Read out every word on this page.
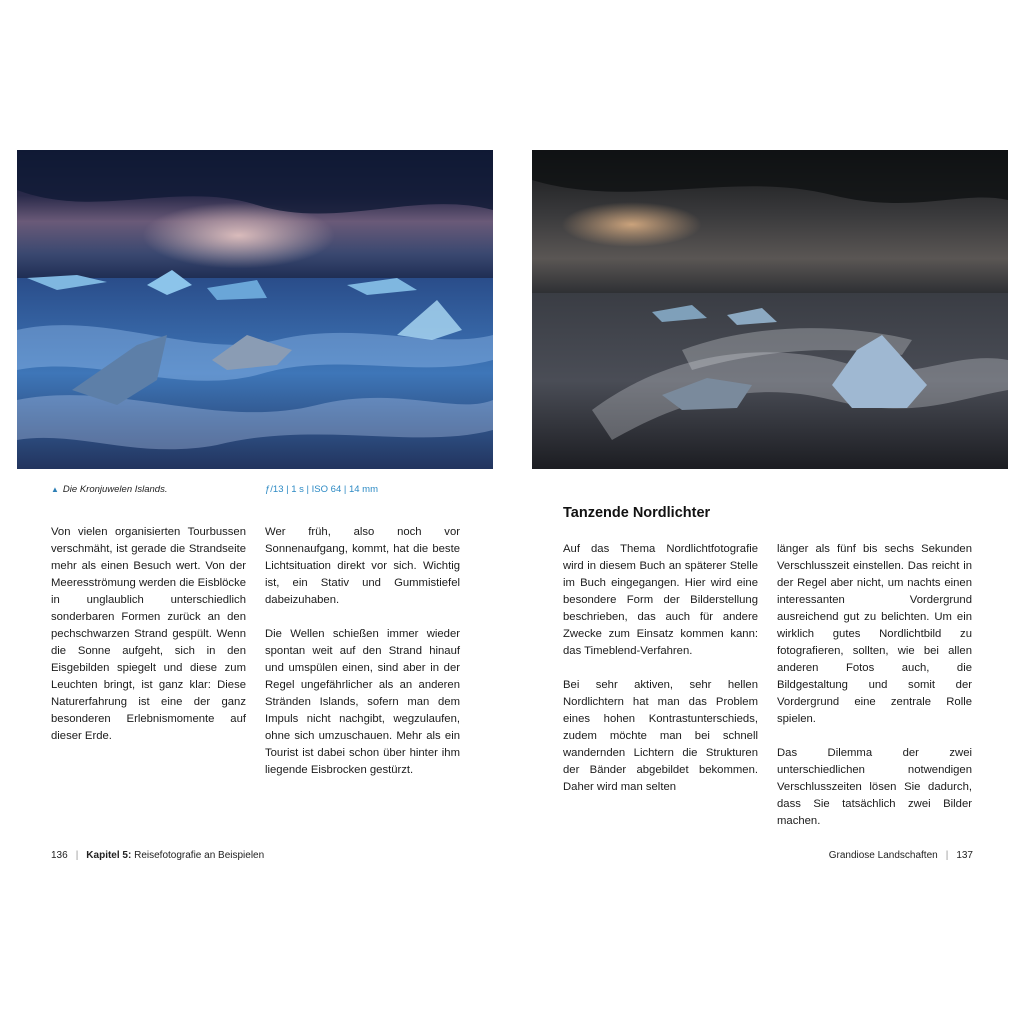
▲ Die Kronjuwelen Islands.	ƒ/13 | 1 s | ISO 64 | 14 mm

Von vielen organisierten Tourbussen verschmäht, ist gerade die Strandseite mehr als einen Besuch wert. Von der Meeresströmung werden die Eisblöcke in unglaublich unterschiedlich sonderbaren Formen zurück an den pechschwarzen Strand gespült. Wenn die Sonne aufgeht, sich in den Eisgebilden spiegelt und diese zum Leuchten bringt, ist ganz klar: Diese Naturerfahrung ist eine der ganz besonderen Erlebnismomente auf dieser Erde.

Wer früh, also noch vor Sonnenaufgang, kommt, hat die beste Lichtsituation direkt vor sich. Wichtig ist, ein Stativ und Gummistiefel dabeizuhaben.

Die Wellen schießen immer wieder spontan weit auf den Strand hinauf und umspülen einen, sind aber in der Regel ungefährlicher als an anderen Stränden Islands, sofern man dem Impuls nicht nachgibt, wegzulaufen, ohne sich umzuschauen. Mehr als ein Tourist ist dabei schon über hinter ihm liegende Eisbrocken gestürzt.

Tanzende Nordlichter

Auf das Thema Nordlichtfotografie wird in diesem Buch an späterer Stelle im Buch eingegangen. Hier wird eine besondere Form der Bilderstellung beschrieben, das auch für andere Zwecke zum Einsatz kommen kann: das Timeblend-Verfahren.

Bei sehr aktiven, sehr hellen Nordlichtern hat man das Problem eines hohen Kontrastunterschieds, zudem möchte man bei schnell wandernden Lichtern die Strukturen der Bänder abgebildet bekommen. Daher wird man selten

länger als fünf bis sechs Sekunden Verschlusszeit einstellen. Das reicht in der Regel aber nicht, um nachts einen interessanten Vordergrund ausreichend gut zu belichten. Um ein wirklich gutes Nordlichtbild zu fotografieren, sollten, wie bei allen anderen Fotos auch, die Bildgestaltung und somit der Vordergrund eine zentrale Rolle spielen.

Das Dilemma der zwei unterschiedlichen notwendigen Verschlusszeiten lösen Sie dadurch, dass Sie tatsächlich zwei Bilder machen.

136 | Kapitel 5: Reisefotografie an Beispielen	Grandiose Landschaften | 137
